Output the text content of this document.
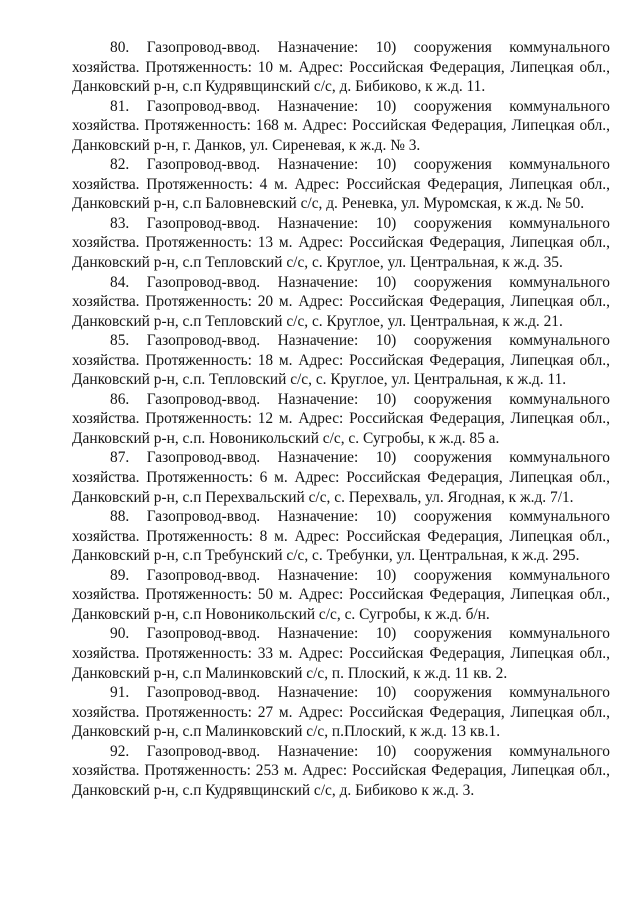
80. Газопровод-ввод. Назначение: 10) сооружения коммунального хозяйства. Протяженность: 10 м. Адрес: Российская Федерация, Липецкая обл., Данковский р-н, с.п Кудрявщинский с/с, д. Бибиково, к ж.д. 11.

81. Газопровод-ввод. Назначение: 10) сооружения коммунального хозяйства. Протяженность: 168 м. Адрес: Российская Федерация, Липецкая обл., Данковский р-н, г. Данков, ул. Сиреневая, к ж.д. № 3.

82. Газопровод-ввод. Назначение: 10) сооружения коммунального хозяйства. Протяженность: 4 м. Адрес: Российская Федерация, Липецкая обл., Данковский р-н, с.п Баловневский с/с, д. Реневка, ул. Муромская, к ж.д. № 50.

83. Газопровод-ввод. Назначение: 10) сооружения коммунального хозяйства. Протяженность: 13 м. Адрес: Российская Федерация, Липецкая обл., Данковский р-н, с.п Тепловский с/с, с. Круглое, ул. Центральная, к ж.д. 35.

84. Газопровод-ввод. Назначение: 10) сооружения коммунального хозяйства. Протяженность: 20 м. Адрес: Российская Федерация, Липецкая обл., Данковский р-н, с.п Тепловский с/с, с. Круглое, ул. Центральная, к ж.д. 21.

85. Газопровод-ввод. Назначение: 10) сооружения коммунального хозяйства. Протяженность: 18 м. Адрес: Российская Федерация, Липецкая обл., Данковский р-н, с.п. Тепловский с/с, с. Круглое, ул. Центральная, к ж.д. 11.

86. Газопровод-ввод. Назначение: 10) сооружения коммунального хозяйства. Протяженность: 12 м. Адрес: Российская Федерация, Липецкая обл., Данковский р-н, с.п. Новоникольский с/с, с. Сугробы, к ж.д. 85 а.

87. Газопровод-ввод. Назначение: 10) сооружения коммунального хозяйства. Протяженность: 6 м. Адрес: Российская Федерация, Липецкая обл., Данковский р-н, с.п Перехвальский с/с, с. Перехваль, ул. Ягодная, к ж.д. 7/1.

88. Газопровод-ввод. Назначение: 10) сооружения коммунального хозяйства. Протяженность: 8 м. Адрес: Российская Федерация, Липецкая обл., Данковский р-н, с.п Требунский с/с, с. Требунки, ул. Центральная, к ж.д. 295.

89. Газопровод-ввод. Назначение: 10) сооружения коммунального хозяйства. Протяженность: 50 м. Адрес: Российская Федерация, Липецкая обл., Данковский р-н, с.п Новоникольский с/с, с. Сугробы, к ж.д. б/н.

90. Газопровод-ввод. Назначение: 10) сооружения коммунального хозяйства. Протяженность: 33 м. Адрес: Российская Федерация, Липецкая обл., Данковский р-н, с.п Малинковский с/с, п. Плоский, к ж.д. 11 кв. 2.

91. Газопровод-ввод. Назначение: 10) сооружения коммунального хозяйства. Протяженность: 27 м. Адрес: Российская Федерация, Липецкая обл., Данковский р-н, с.п Малинковский с/с, п.Плоский, к ж.д. 13 кв.1.

92. Газопровод-ввод. Назначение: 10) сооружения коммунального хозяйства. Протяженность: 253 м. Адрес: Российская Федерация, Липецкая обл., Данковский р-н, с.п Кудрявщинский с/с, д. Бибиково к ж.д. 3.
